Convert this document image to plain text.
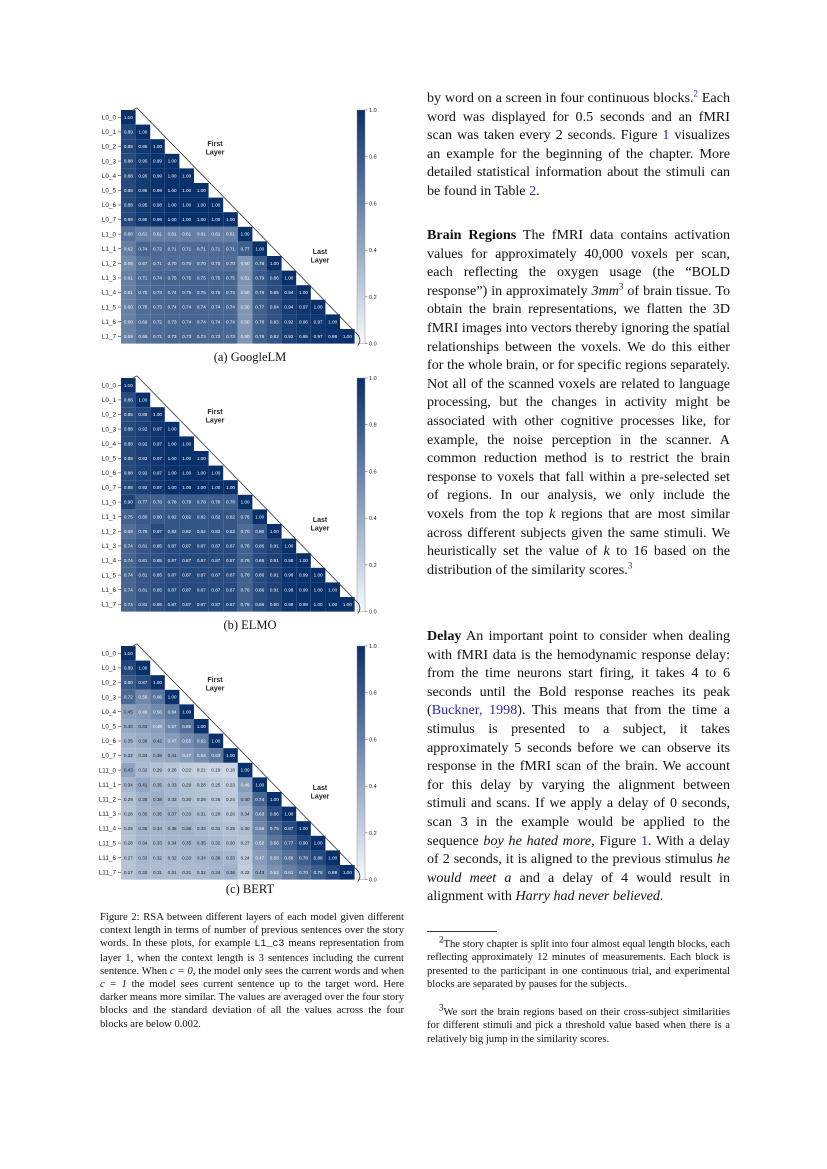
1.00
0.89 1.00
0.89 0.96 1.00
0.88 0.95 0.99 1.00
0.88 0.95 0.99 1.00 1.00
0.88 0.95 0.99 1.00 1.00 1.00
0.88 0.95 0.98 1.00 1.00 1.00 1.00
0.88 0.95 0.99 1.00 1.00 1.00 1.00 1.00
0.68 0.61 0.61 0.61 0.61 0.61 0.61 0.61 1.00
0.62 0.74 0.72 0.71 0.71 0.71 0.71 0.71 0.77 1.00
0.56 0.67 0.71 0.70 0.70 0.70 0.70 0.70 0.50 0.78 1.00
0.61 0.71 0.74 0.75 0.75 0.75 0.75 0.75 0.51 0.79 0.86 1.00
0.61 0.70 0.73 0.74 0.75 0.75 0.75 0.74 0.50 0.78 0.85 0.94 1.00
0.60 0.70 0.73 0.74 0.74 0.74 0.74 0.74 0.50 0.77 0.84 0.94 0.97 1.00
0.60 0.69 0.72 0.73 0.74 0.74 0.74 0.74 0.50 0.76 0.83 0.92 0.96 0.97 1.00
0.59 0.68 0.71 0.73 0.73 0.73 0.73 0.73 0.50 0.76 0.82 0.92 0.95 0.97 0.98 1.00
L0_0
L0_1
L0_2
L0_3
L0_4
L0_5
L0_6
L0_7
L1_0
L1_1
L1_2
L1_3
L1_4
L1_5
L1_6
L1_7
1.0
0.8
0.6
0.4
0.2
0.0
First
Layer
Last
Layer
(a) GoogleLM
1.00
0.86 1.00
0.85 0.89 1.00
0.88 0.92 0.97 1.00
0.88 0.92 0.97 1.00 1.00
0.88 0.92 0.97 1.00 1.00 1.00
0.88 0.92 0.97 1.00 1.00 1.00 1.00
0.88 0.92 0.97 1.00 1.00 1.00 1.00 1.00
0.90 0.77 0.76 0.78 0.78 0.78 0.78 0.78 1.00
0.75 0.80 0.80 0.82 0.82 0.82 0.82 0.82 0.76 1.00
0.69 0.76 0.87 0.82 0.82 0.82 0.82 0.82 0.70 0.80 1.00
0.74 0.81 0.85 0.87 0.87 0.87 0.87 0.87 0.76 0.86 0.91 1.00
0.74 0.81 0.85 0.87 0.87 0.87 0.87 0.87 0.76 0.86 0.91 0.98 1.00
0.74 0.81 0.85 0.87 0.87 0.87 0.87 0.87 0.76 0.86 0.91 0.98 0.99 1.00
0.74 0.81 0.85 0.87 0.87 0.87 0.87 0.87 0.76 0.86 0.91 0.98 0.99 1.00 1.00
0.74 0.81 0.85 0.87 0.87 0.87 0.87 0.87 0.76 0.86 0.90 0.98 0.99 1.00 1.00 1.00
L0_0
L0_1
L0_2
L0_3
L0_4
L0_5
L0_6
L0_7
L1_0
L1_1
L1_2
L1_3
L1_4
L1_5
L1_6
L1_7
1.0
0.8
0.6
0.4
0.2
0.0
First
Layer
Last
Layer
(b) ELMO
1.00
0.89 1.00
0.80 0.87 1.00
0.72 0.56 0.66 1.00
0.45 0.49 0.56 0.64 1.00
0.40 0.43 0.46 0.57 0.69 1.00
0.35 0.38 0.42 0.47 0.55 0.62 1.00
0.32 0.34 0.38 0.41 0.47 0.54 0.63 1.00
0.43 0.32 0.29 0.26 0.22 0.21 0.19 0.18 1.00
0.34 0.41 0.35 0.33 0.29 0.28 0.25 0.23 0.46 1.00
0.29 0.36 0.38 0.33 0.30 0.28 0.26 0.24 0.40 0.74 1.00
0.28 0.35 0.35 0.37 0.33 0.31 0.28 0.26 0.34 0.63 0.86 1.00
0.29 0.35 0.34 0.35 0.36 0.33 0.31 0.29 0.30 0.58 0.75 0.87 1.00
0.28 0.34 0.33 0.34 0.35 0.35 0.32 0.30 0.27 0.52 0.66 0.77 0.90 1.00
0.27 0.33 0.32 0.32 0.33 0.34 0.36 0.33 0.24 0.47 0.58 0.68 0.78 0.88 1.00
0.27 0.32 0.31 0.31 0.31 0.32 0.34 0.36 0.22 0.43 0.52 0.61 0.70 0.78 0.89 1.00
L0_0
L0_1
L0_2
L0_3
L0_4
L0_5
L0_6
L0_7
L11_0
L11_1
L11_2
L11_3
L11_4
L11_5
L11_6
L11_7
1.0
0.8
0.6
0.4
0.2
0.0
First
Layer
Last
Layer
(c) BERT
Figure 2: RSA between different layers of each model given different context length in terms of number of previous sentences over the story words. In these plots, for example L1_c3 means representation from layer 1, when the context length is 3 sentences including the current sentence. When c = 0, the model only sees the current words and when c = 1 the model sees current sentence up to the target word. Here darker means more similar. The values are averaged over the four story blocks and the standard deviation of all the values across the four blocks are below 0.002.

by word on a screen in four continuous blocks.$^2$ Each word was displayed for 0.5 seconds and an fMRI scan was taken every 2 seconds. Figure 1 visualizes an example for the beginning of the chapter. More detailed statistical information about the stimuli can be found in Table 2.

Brain Regions The fMRI data contains activation values for approximately 40,000 voxels per scan, each reflecting the oxygen usage (the “BOLD response”) in approximately $3mm^3$ of brain tissue. To obtain the brain representations, we flatten the 3D fMRI images into vectors thereby ignoring the spatial relationships between the voxels. We do this either for the whole brain, or for specific regions separately. Not all of the scanned voxels are related to language processing, but the changes in activity might be associated with other cognitive processes like, for example, the noise perception in the scanner. A common reduction method is to restrict the brain response to voxels that fall within a pre-selected set of regions. In our analysis, we only include the voxels from the top k regions that are most similar across different subjects given the same stimuli. We heuristically set the value of k to 16 based on the distribution of the similarity scores.$^3$

Delay An important point to consider when dealing with fMRI data is the hemodynamic response delay: from the time neurons start firing, it takes 4 to 6 seconds until the Bold response reaches its peak (Buckner, 1998). This means that from the time a stimulus is presented to a subject, it takes approximately 5 seconds before we can observe its response in the fMRI scan of the brain. We account for this delay by varying the alignment between stimuli and scans. If we apply a delay of 0 seconds, scan 3 in the example would be applied to the sequence boy he hated more, Figure 1. With a delay of 2 seconds, it is aligned to the previous stimulus he would meet a and a delay of 4 would result in alignment with Harry had never believed.

$^2$The story chapter is split into four almost equal length blocks, each reflecting approximately 12 minutes of measurements. Each block is presented to the participant in one continuous trial, and experimental blocks are separated by pauses for the subjects.

$^3$We sort the brain regions based on their cross-subject similarities for different stimuli and pick a threshold value based when there is a relatively big jump in the similarity scores.
